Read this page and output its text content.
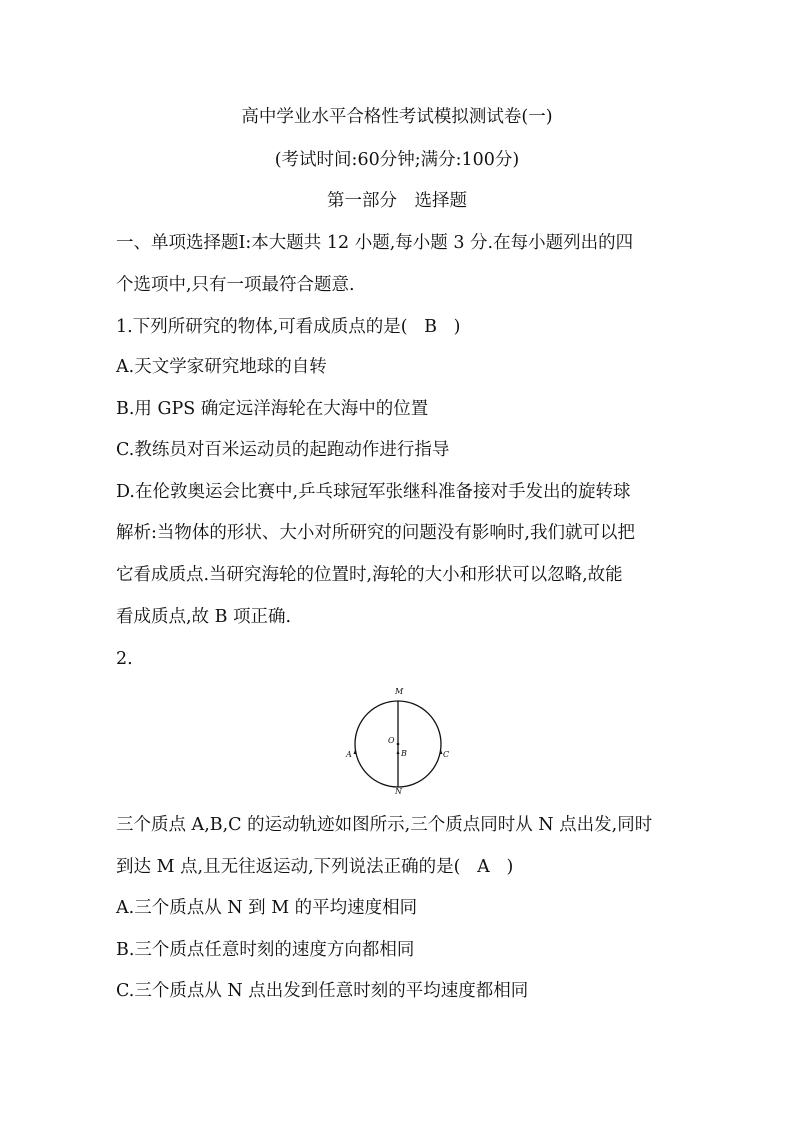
高中学业水平合格性考试模拟测试卷(一)
(考试时间:60分钟;满分:100分)
第一部分　选择题
一、单项选择题Ⅰ:本大题共 12 小题,每小题 3 分.在每小题列出的四
个选项中,只有一项最符合题意.
1.下列所研究的物体,可看成质点的是( B )
A.天文学家研究地球的自转
B.用 GPS 确定远洋海轮在大海中的位置
C.教练员对百米运动员的起跑动作进行指导
D.在伦敦奥运会比赛中,乒乓球冠军张继科准备接对手发出的旋转球
解析:当物体的形状、大小对所研究的问题没有影响时,我们就可以把
它看成质点.当研究海轮的位置时,海轮的大小和形状可以忽略,故能
看成质点,故 B 项正确.
2.
M
N
O
B
A	C
三个质点 A,B,C 的运动轨迹如图所示,三个质点同时从 N 点出发,同时
到达 M 点,且无往返运动,下列说法正确的是( A )
A.三个质点从 N 到 M 的平均速度相同
B.三个质点任意时刻的速度方向都相同
C.三个质点从 N 点出发到任意时刻的平均速度都相同
